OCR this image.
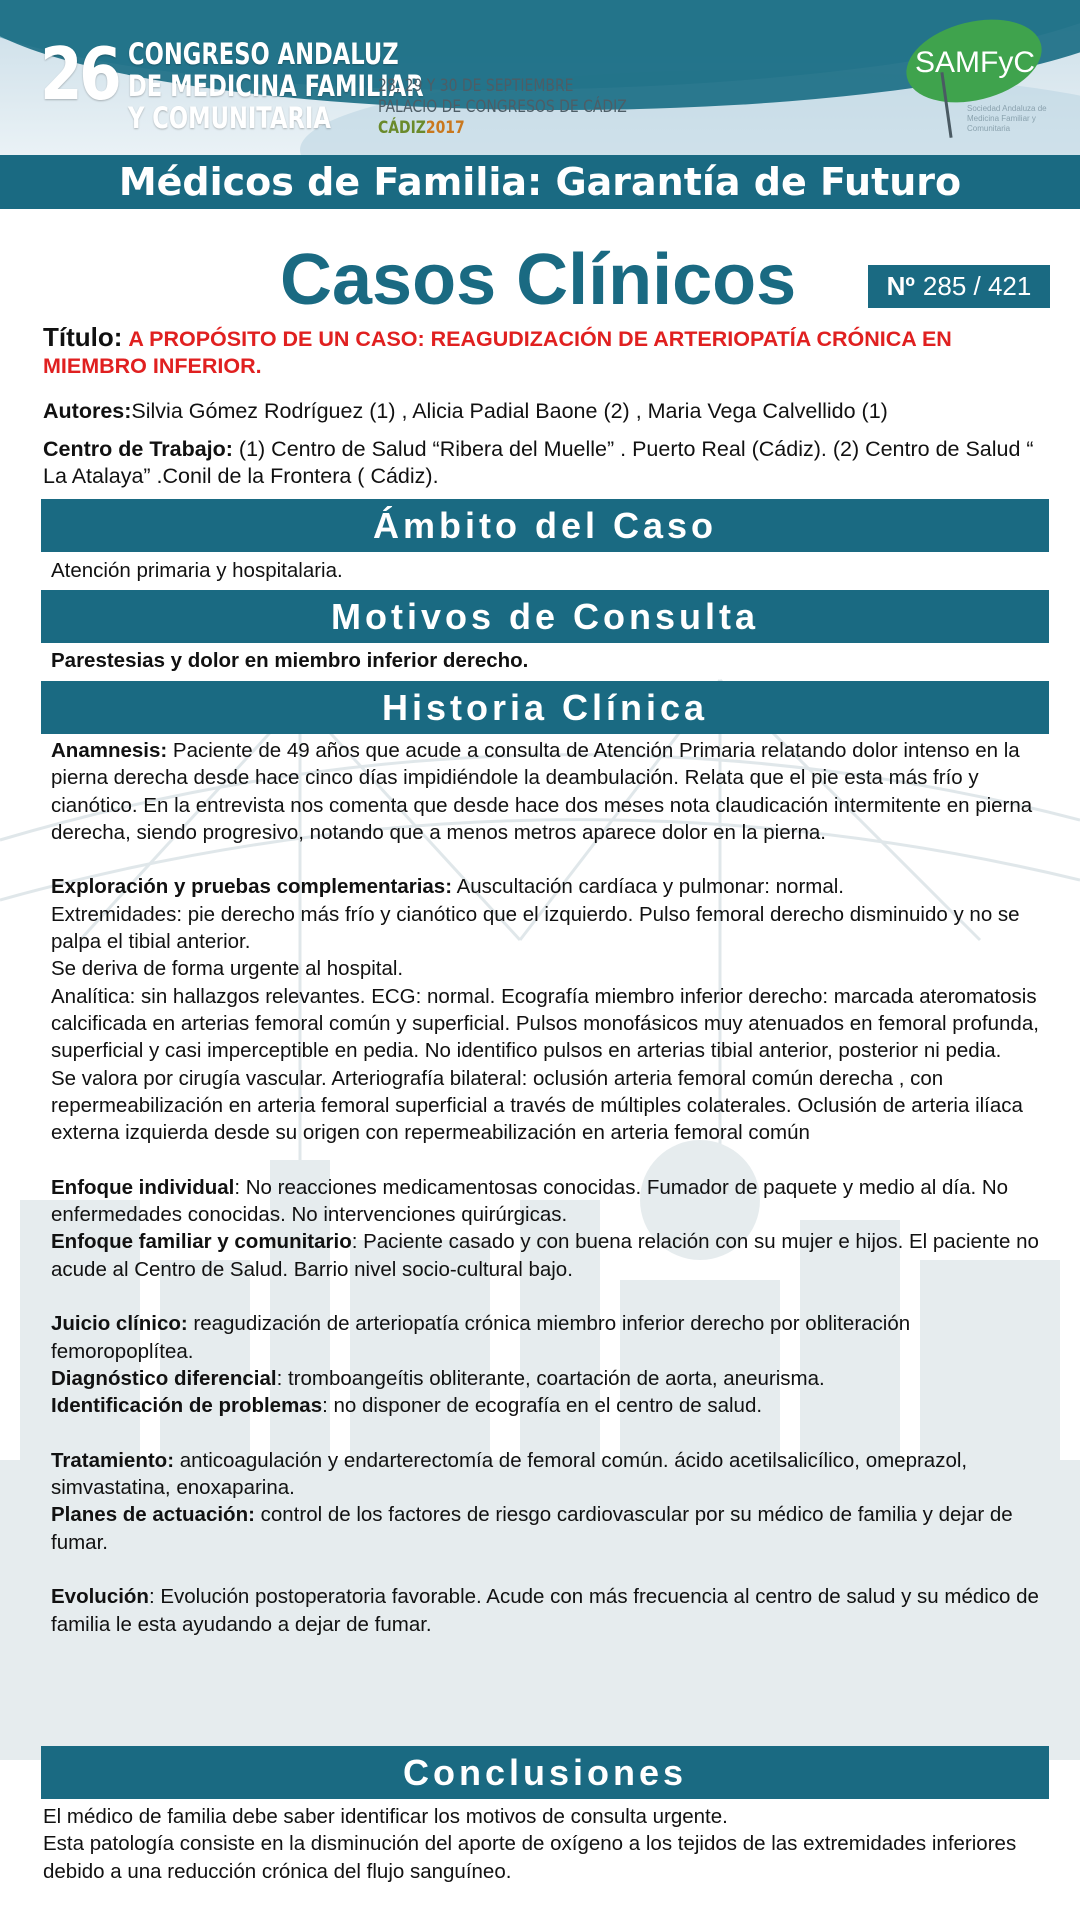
26 CONGRESO ANDALUZ
DE MEDICINA FAMILIAR
Y COMUNITARIA
28, 29 Y 30 DE SEPTIEMBRE
PALACIO DE CONGRESOS DE CÁDIZ
CÁDIZ2017
SAMFyC
Sociedad Andaluza de Medicina Familiar y Comunitaria
Médicos de Familia: Garantía de Futuro
Casos Clínicos	Nº 285 / 421
Título: A PROPÓSITO DE UN CASO: REAGUDIZACIÓN DE ARTERIOPATÍA CRÓNICA EN MIEMBRO INFERIOR.
Autores:Silvia Gómez Rodríguez (1) , Alicia Padial Baone (2) , Maria Vega Calvellido (1)
Centro de Trabajo: (1) Centro de Salud “Ribera del Muelle” . Puerto Real (Cádiz). (2) Centro de Salud “ La Atalaya” .Conil de la Frontera ( Cádiz).
Ámbito del Caso
Atención primaria y hospitalaria.
Motivos de Consulta
Parestesias y dolor en miembro inferior derecho.
Historia Clínica
Anamnesis: Paciente de 49 años que acude a consulta de Atención Primaria relatando dolor intenso en la pierna derecha desde hace cinco días impidiéndole la deambulación. Relata que el pie esta más frío y cianótico. En la entrevista nos comenta que desde hace dos meses nota claudicación intermitente en pierna derecha, siendo progresivo, notando que a menos metros aparece dolor en la pierna.
Exploración y pruebas complementarias: Auscultación cardíaca y pulmonar: normal.
Extremidades: pie derecho más frío y cianótico que el izquierdo. Pulso femoral derecho disminuido y no se palpa el tibial anterior.
Se deriva de forma urgente al hospital.
Analítica: sin hallazgos relevantes. ECG: normal. Ecografía miembro inferior derecho: marcada ateromatosis calcificada en arterias femoral común y superficial. Pulsos monofásicos muy atenuados en femoral profunda, superficial y casi imperceptible en pedia. No identifico pulsos en arterias tibial anterior, posterior ni pedia.
Se valora por cirugía vascular. Arteriografía bilateral: oclusión arteria femoral común derecha , con repermeabilización en arteria femoral superficial a través de múltiples colaterales. Oclusión de arteria ilíaca externa izquierda desde su origen con repermeabilización en arteria femoral común
Enfoque individual: No reacciones medicamentosas conocidas. Fumador de paquete y medio al día. No enfermedades conocidas. No intervenciones quirúrgicas.
Enfoque familiar y comunitario: Paciente casado y con buena relación con su mujer e hijos. El paciente no acude al Centro de Salud. Barrio nivel socio-cultural bajo.
Juicio clínico: reagudización de arteriopatía crónica miembro inferior derecho por obliteración femoropoplítea.
Diagnóstico diferencial: tromboangeítis obliterante, coartación de aorta, aneurisma.
Identificación de problemas: no disponer de ecografía en el centro de salud.
Tratamiento: anticoagulación y endarterectomía de femoral común. ácido acetilsalicílico, omeprazol, simvastatina, enoxaparina.
Planes de actuación: control de los factores de riesgo cardiovascular por su médico de familia y dejar de fumar.
Evolución: Evolución postoperatoria favorable. Acude con más frecuencia al centro de salud y su médico de familia le esta ayudando a dejar de fumar.
Conclusiones
El médico de familia debe saber identificar los motivos de consulta urgente.
Esta patología consiste en la disminución del aporte de oxígeno a los tejidos de las extremidades inferiores debido a una reducción crónica del flujo sanguíneo.
